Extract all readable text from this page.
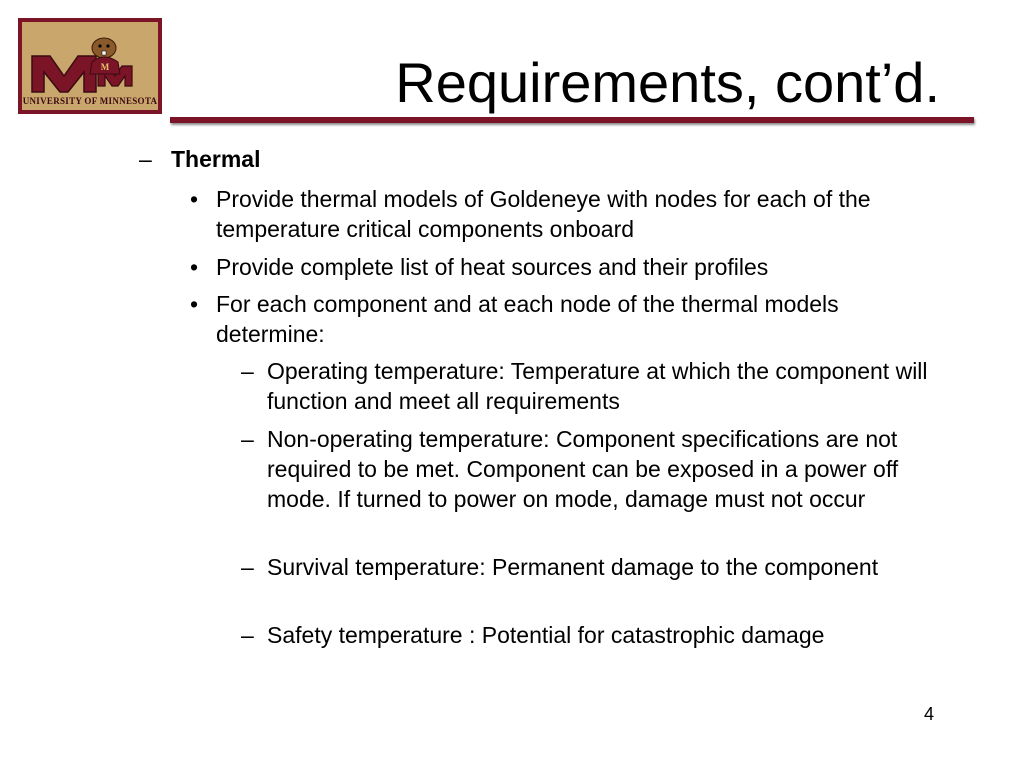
M
UNIVERSITY OF MINNESOTA	Requirements, cont’d.
– Thermal
• Provide thermal models of Goldeneye with nodes for each of the temperature critical components onboard
• Provide complete list of heat sources and their profiles
• For each component and at each node of the thermal models determine:
– Operating temperature: Temperature at which the component will function and meet all requirements
– Non-operating temperature: Component specifications are not required to be met. Component can be exposed in a power off mode. If turned to power on mode, damage must not occur
– Survival temperature: Permanent damage to the component
– Safety temperature : Potential for catastrophic damage
4
